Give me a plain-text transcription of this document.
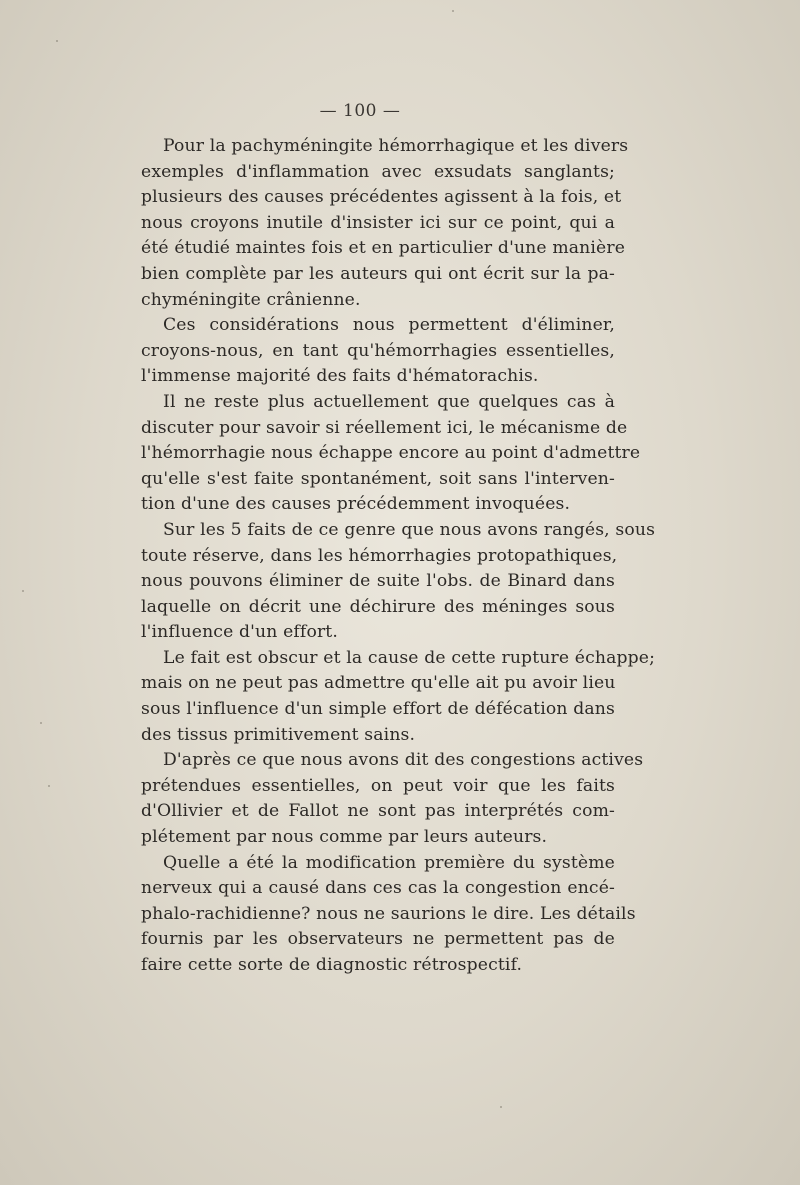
— 100 —

Pour la pachyméningite hémorrhagique et les divers
exemples d'inflammation avec exsudats sanglants;
plusieurs des causes précédentes agissent à la fois, et
nous croyons inutile d'insister ici sur ce point, qui a
été étudié maintes fois et en particulier d'une manière
bien complète par les auteurs qui ont écrit sur la pa-
chyméningite crânienne.

Ces considérations nous permettent d'éliminer,
croyons-nous, en tant qu'hémorrhagies essentielles,
l'immense majorité des faits d'hématorachis.

Il ne reste plus actuellement que quelques cas à
discuter pour savoir si réellement ici, le mécanisme de
l'hémorrhagie nous échappe encore au point d'admettre
qu'elle s'est faite spontanément, soit sans l'interven-
tion d'une des causes précédemment invoquées.

Sur les 5 faits de ce genre que nous avons rangés, sous
toute réserve, dans les hémorrhagies protopathiques,
nous pouvons éliminer de suite l'obs. de Binard dans
laquelle on décrit une déchirure des méninges sous
l'influence d'un effort.

Le fait est obscur et la cause de cette rupture échappe;
mais on ne peut pas admettre qu'elle ait pu avoir lieu
sous l'influence d'un simple effort de défécation dans
des tissus primitivement sains.

D'après ce que nous avons dit des congestions actives
prétendues essentielles, on peut voir que les faits
d'Ollivier et de Fallot ne sont pas interprétés com-
plétement par nous comme par leurs auteurs.

Quelle a été la modification première du système
nerveux qui a causé dans ces cas la congestion encé-
phalo-rachidienne? nous ne saurions le dire. Les détails
fournis par les observateurs ne permettent pas de
faire cette sorte de diagnostic rétrospectif.
